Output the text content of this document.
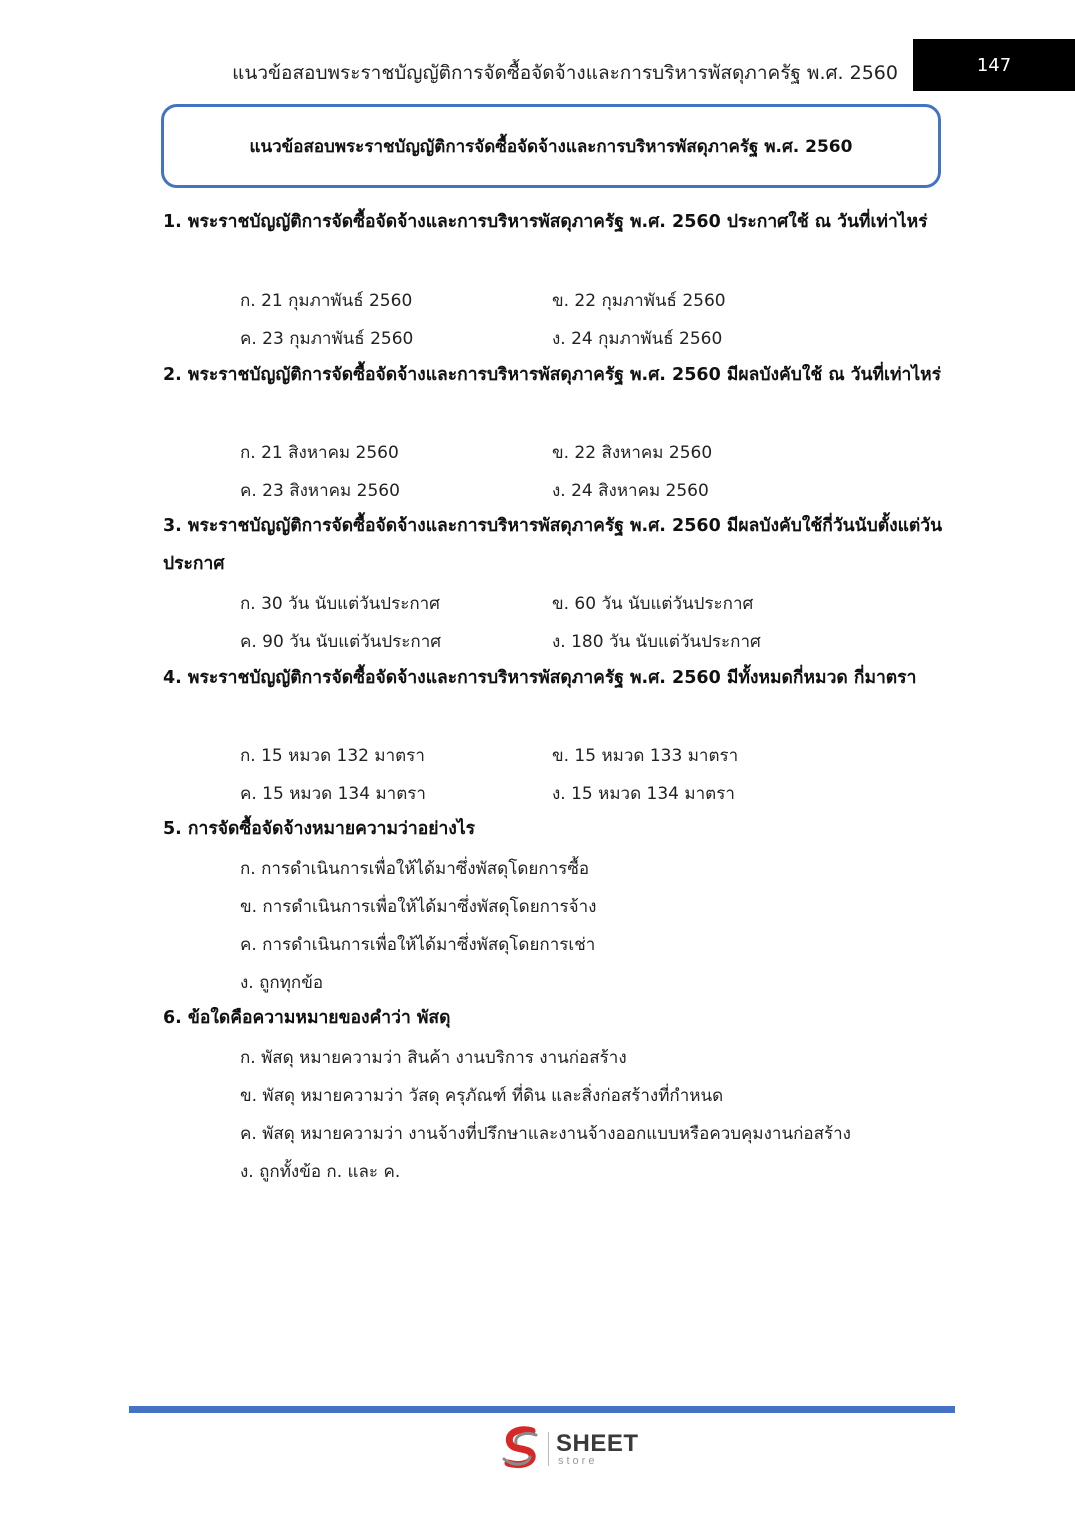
แนวข้อสอบพระราชบัญญัติการจัดซื้อจัดจ้างและการบริหารพัสดุภาครัฐ พ.ศ. 2560	147
แนวข้อสอบพระราชบัญญัติการจัดซื้อจัดจ้างและการบริหารพัสดุภาครัฐ พ.ศ. 2560
1. พระราชบัญญัติการจัดซื้อจัดจ้างและการบริหารพัสดุภาครัฐ พ.ศ. 2560 ประกาศใช้ ณ วันที่เท่าไหร่
ก. 21 กุมภาพันธ์ 2560	ข. 22 กุมภาพันธ์ 2560
ค. 23 กุมภาพันธ์ 2560	ง. 24 กุมภาพันธ์ 2560
2. พระราชบัญญัติการจัดซื้อจัดจ้างและการบริหารพัสดุภาครัฐ พ.ศ. 2560 มีผลบังคับใช้ ณ วันที่เท่าไหร่
ก. 21 สิงหาคม 2560	ข. 22 สิงหาคม 2560
ค. 23 สิงหาคม 2560	ง. 24 สิงหาคม 2560
3. พระราชบัญญัติการจัดซื้อจัดจ้างและการบริหารพัสดุภาครัฐ พ.ศ. 2560 มีผลบังคับใช้กี่วันนับตั้งแต่วันประกาศ
ก. 30 วัน นับแต่วันประกาศ	ข. 60 วัน นับแต่วันประกาศ
ค. 90 วัน นับแต่วันประกาศ	ง. 180 วัน นับแต่วันประกาศ
4. พระราชบัญญัติการจัดซื้อจัดจ้างและการบริหารพัสดุภาครัฐ พ.ศ. 2560 มีทั้งหมดกี่หมวด กี่มาตรา
ก. 15 หมวด 132 มาตรา	ข. 15 หมวด 133 มาตรา
ค. 15 หมวด 134 มาตรา	ง. 15 หมวด 134 มาตรา
5. การจัดซื้อจัดจ้างหมายความว่าอย่างไร
ก. การดำเนินการเพื่อให้ได้มาซึ่งพัสดุโดยการซื้อ
ข. การดำเนินการเพื่อให้ได้มาซึ่งพัสดุโดยการจ้าง
ค. การดำเนินการเพื่อให้ได้มาซึ่งพัสดุโดยการเช่า
ง. ถูกทุกข้อ
6. ข้อใดคือความหมายของคำว่า พัสดุ
ก. พัสดุ หมายความว่า สินค้า งานบริการ งานก่อสร้าง
ข. พัสดุ หมายความว่า วัสดุ ครุภัณฑ์ ที่ดิน และสิ่งก่อสร้างที่กำหนด
ค. พัสดุ หมายความว่า งานจ้างที่ปรึกษาและงานจ้างออกแบบหรือควบคุมงานก่อสร้าง
ง. ถูกทั้งข้อ ก. และ ค.
SHEET
store
